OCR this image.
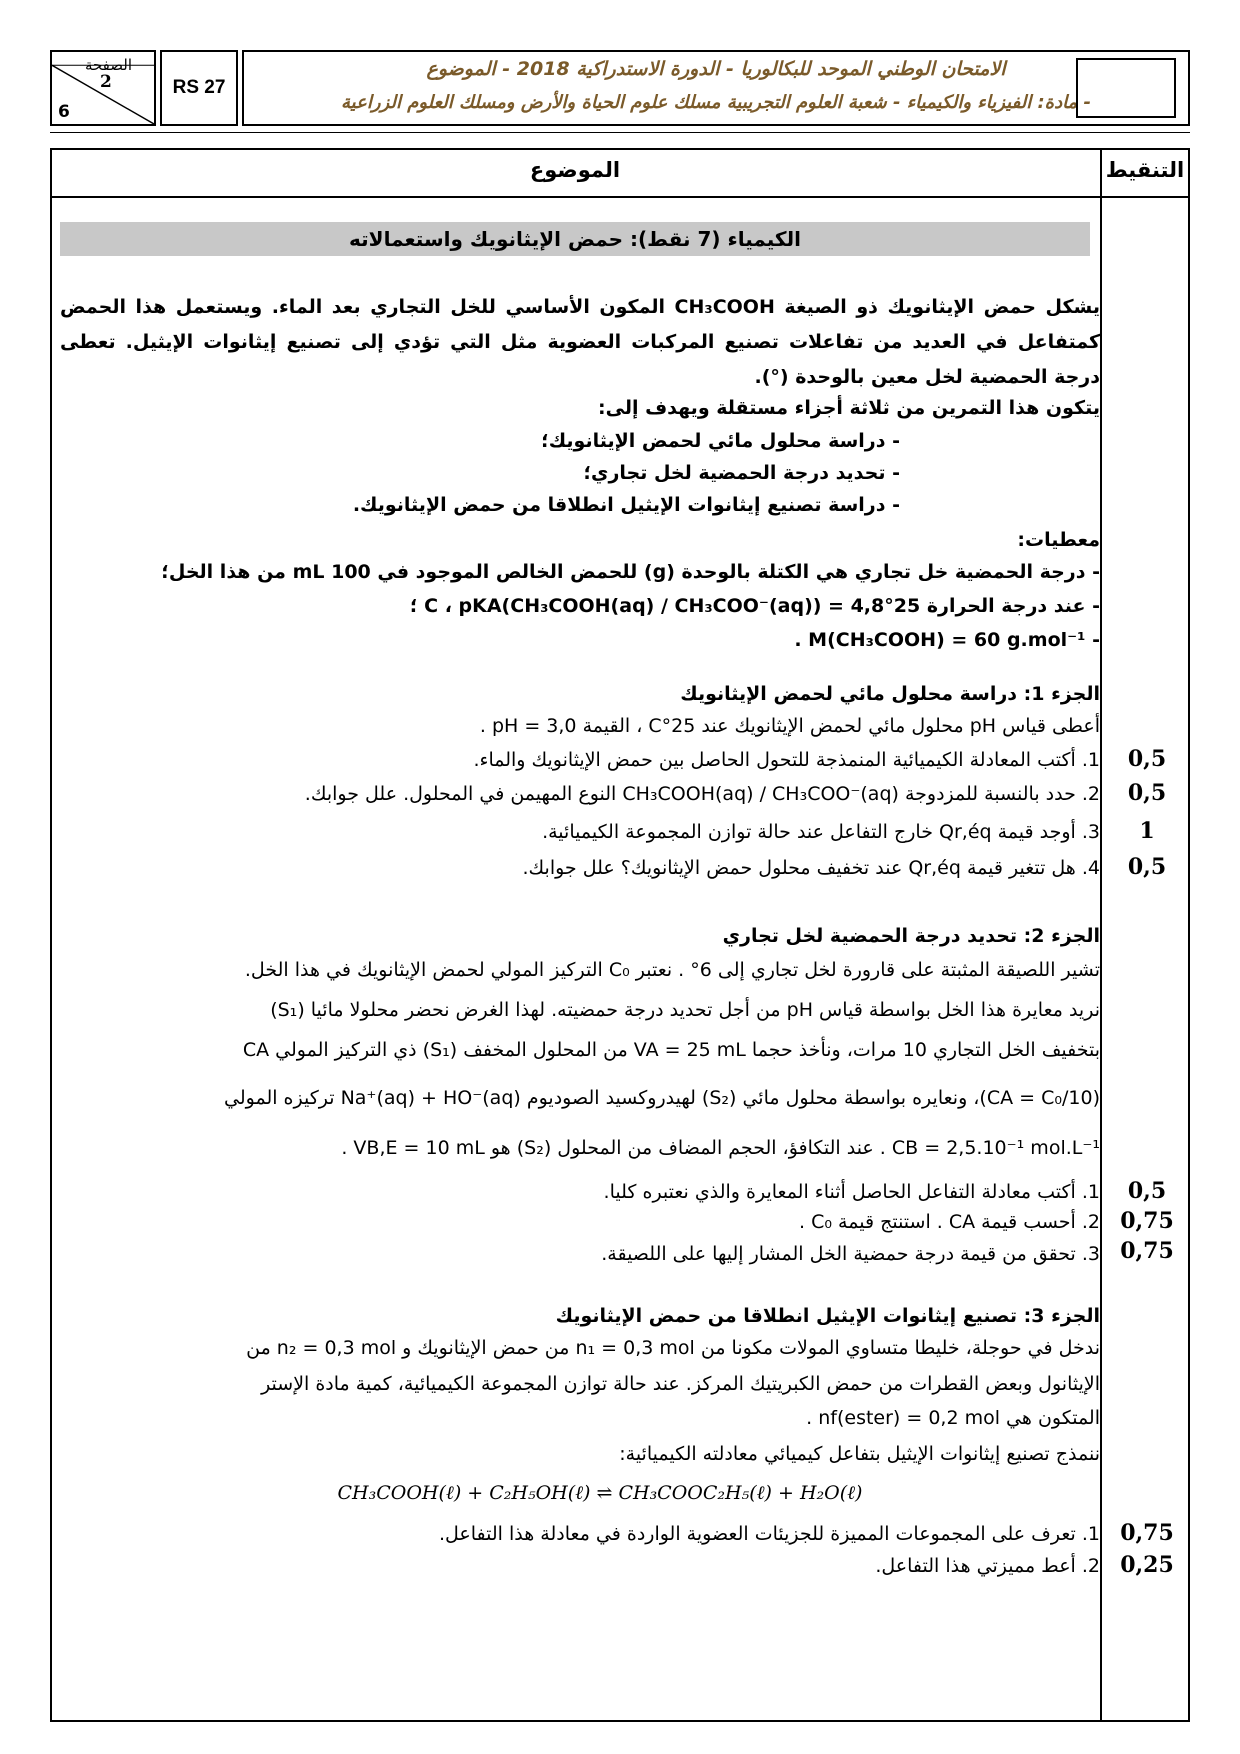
الصفحة
2
6
RS 27
الامتحان الوطني الموحد للبكالوريا - الدورة الاستدراكية 2018 - الموضوع
- مادة: الفيزياء والكيمياء - شعبة العلوم التجريبية مسلك علوم الحياة والأرض ومسلك العلوم الزراعية
التنقيط
الموضوع
الكيمياء (7 نقط): حمض الإيثانويك واستعمالاته
يشكل حمض الإيثانويك ذو الصيغة CH₃COOH المكون الأساسي للخل التجاري بعد الماء. ويستعمل هذا الحمض كمتفاعل في العديد من تفاعلات تصنيع المركبات العضوية مثل التي تؤدي إلى تصنيع إيثانوات الإيثيل. تعطى درجة الحمضية لخل معين بالوحدة (°).
يتكون هذا التمرين من ثلاثة أجزاء مستقلة ويهدف إلى:
- دراسة محلول مائي لحمض الإيثانويك؛
- تحديد درجة الحمضية لخل تجاري؛
- دراسة تصنيع إيثانوات الإيثيل انطلاقا من حمض الإيثانويك.
معطيات:
- درجة الحمضية خل تجاري هي الكتلة بالوحدة (g) للحمض الخالص الموجود في 100 mL من هذا الخل؛
- عند درجة الحرارة 25°C ، pKA(CH₃COOH(aq) / CH₃COO⁻(aq)) = 4,8 ؛
- M(CH₃COOH) = 60 g.mol⁻¹ .
الجزء 1: دراسة محلول مائي لحمض الإيثانويك
أعطى قياس pH محلول مائي لحمض الإيثانويك عند 25°C ، القيمة pH = 3,0 .
1. أكتب المعادلة الكيميائية المنمذجة للتحول الحاصل بين حمض الإيثانويك والماء.	0,5
2. حدد بالنسبة للمزدوجة CH₃COOH(aq) / CH₃COO⁻(aq) النوع المهيمن في المحلول. علل جوابك.	0,5
3. أوجد قيمة Qr,éq خارج التفاعل عند حالة توازن المجموعة الكيميائية.	1
4. هل تتغير قيمة Qr,éq عند تخفيف محلول حمض الإيثانويك؟ علل جوابك.	0,5
الجزء 2: تحديد درجة الحمضية لخل تجاري
تشير اللصيقة المثبتة على قارورة لخل تجاري إلى 6° . نعتبر C₀ التركيز المولي لحمض الإيثانويك في هذا الخل.
نريد معايرة هذا الخل بواسطة قياس pH من أجل تحديد درجة حمضيته. لهذا الغرض نحضر محلولا مائيا (S₁)
بتخفيف الخل التجاري 10 مرات، ونأخذ حجما VA = 25 mL من المحلول المخفف (S₁) ذي التركيز المولي CA
(CA = C₀/10)، ونعايره بواسطة محلول مائي (S₂) لهيدروكسيد الصوديوم Na⁺(aq) + HO⁻(aq) تركيزه المولي
CB = 2,5.10⁻¹ mol.L⁻¹ . عند التكافؤ، الحجم المضاف من المحلول (S₂) هو VB,E = 10 mL .
1. أكتب معادلة التفاعل الحاصل أثناء المعايرة والذي نعتبره كليا.	0,5
2. أحسب قيمة CA . استنتج قيمة C₀ . 0,75
3. تحقق من قيمة درجة حمضية الخل المشار إليها على اللصيقة. 0,75
الجزء 3: تصنيع إيثانوات الإيثيل انطلاقا من حمض الإيثانويك
ندخل في حوجلة، خليطا متساوي المولات مكونا من n₁ = 0,3 mol من حمض الإيثانويك و n₂ = 0,3 mol من
الإيثانول وبعض القطرات من حمض الكبريتيك المركز. عند حالة توازن المجموعة الكيميائية، كمية مادة الإستر
المتكون هي nf(ester) = 0,2 mol .
ننمذج تصنيع إيثانوات الإيثيل بتفاعل كيميائي معادلته الكيميائية:
CH₃COOH(ℓ) + C₂H₅OH(ℓ) ⇌ CH₃COOC₂H₅(ℓ) + H₂O(ℓ)
1. تعرف على المجموعات المميزة للجزيئات العضوية الواردة في معادلة هذا التفاعل. 0,75
2. أعط مميزتي هذا التفاعل. 0,25
